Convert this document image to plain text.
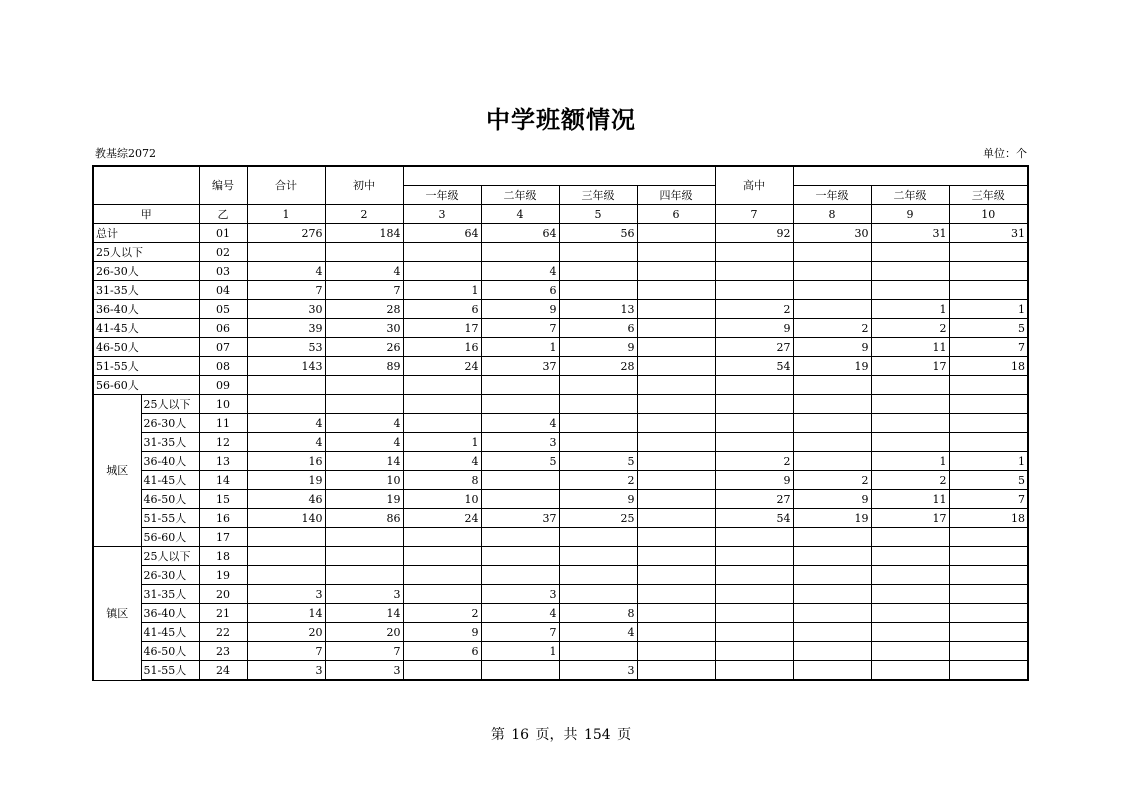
中学班额情况
教基综2072	单位：个
		编号	合计	初中					高中			
					一年级	二年级	三年级	四年级		一年级	二年级	三年级
甲		乙	1	2	3	4	5	6	7	8	9	10
总计		01	276	184	64	64	56		92	30	31	31
25人以下		02										
26-30人		03	4	4		4						
31-35人		04	7	7	1	6						
36-40人		05	30	28	6	9	13		2		1	1
41-45人		06	39	30	17	7	6		9	2	2	5
46-50人		07	53	26	16	1	9		27	9	11	7
51-55人		08	143	89	24	37	28		54	19	17	18
56-60人		09										
城区	25人以下	10										
	26-30人	11	4	4		4						
	31-35人	12	4	4	1	3						
	36-40人	13	16	14	4	5	5		2		1	1
	41-45人	14	19	10	8		2		9	2	2	5
	46-50人	15	46	19	10		9		27	9	11	7
	51-55人	16	140	86	24	37	25		54	19	17	18
	56-60人	17										
镇区	25人以下	18										
	26-30人	19										
	31-35人	20	3	3		3						
	36-40人	21	14	14	2	4	8					
	41-45人	22	20	20	9	7	4					
	46-50人	23	7	7	6	1						
	51-55人	24	3	3			3					
第 16 页，共 154 页
